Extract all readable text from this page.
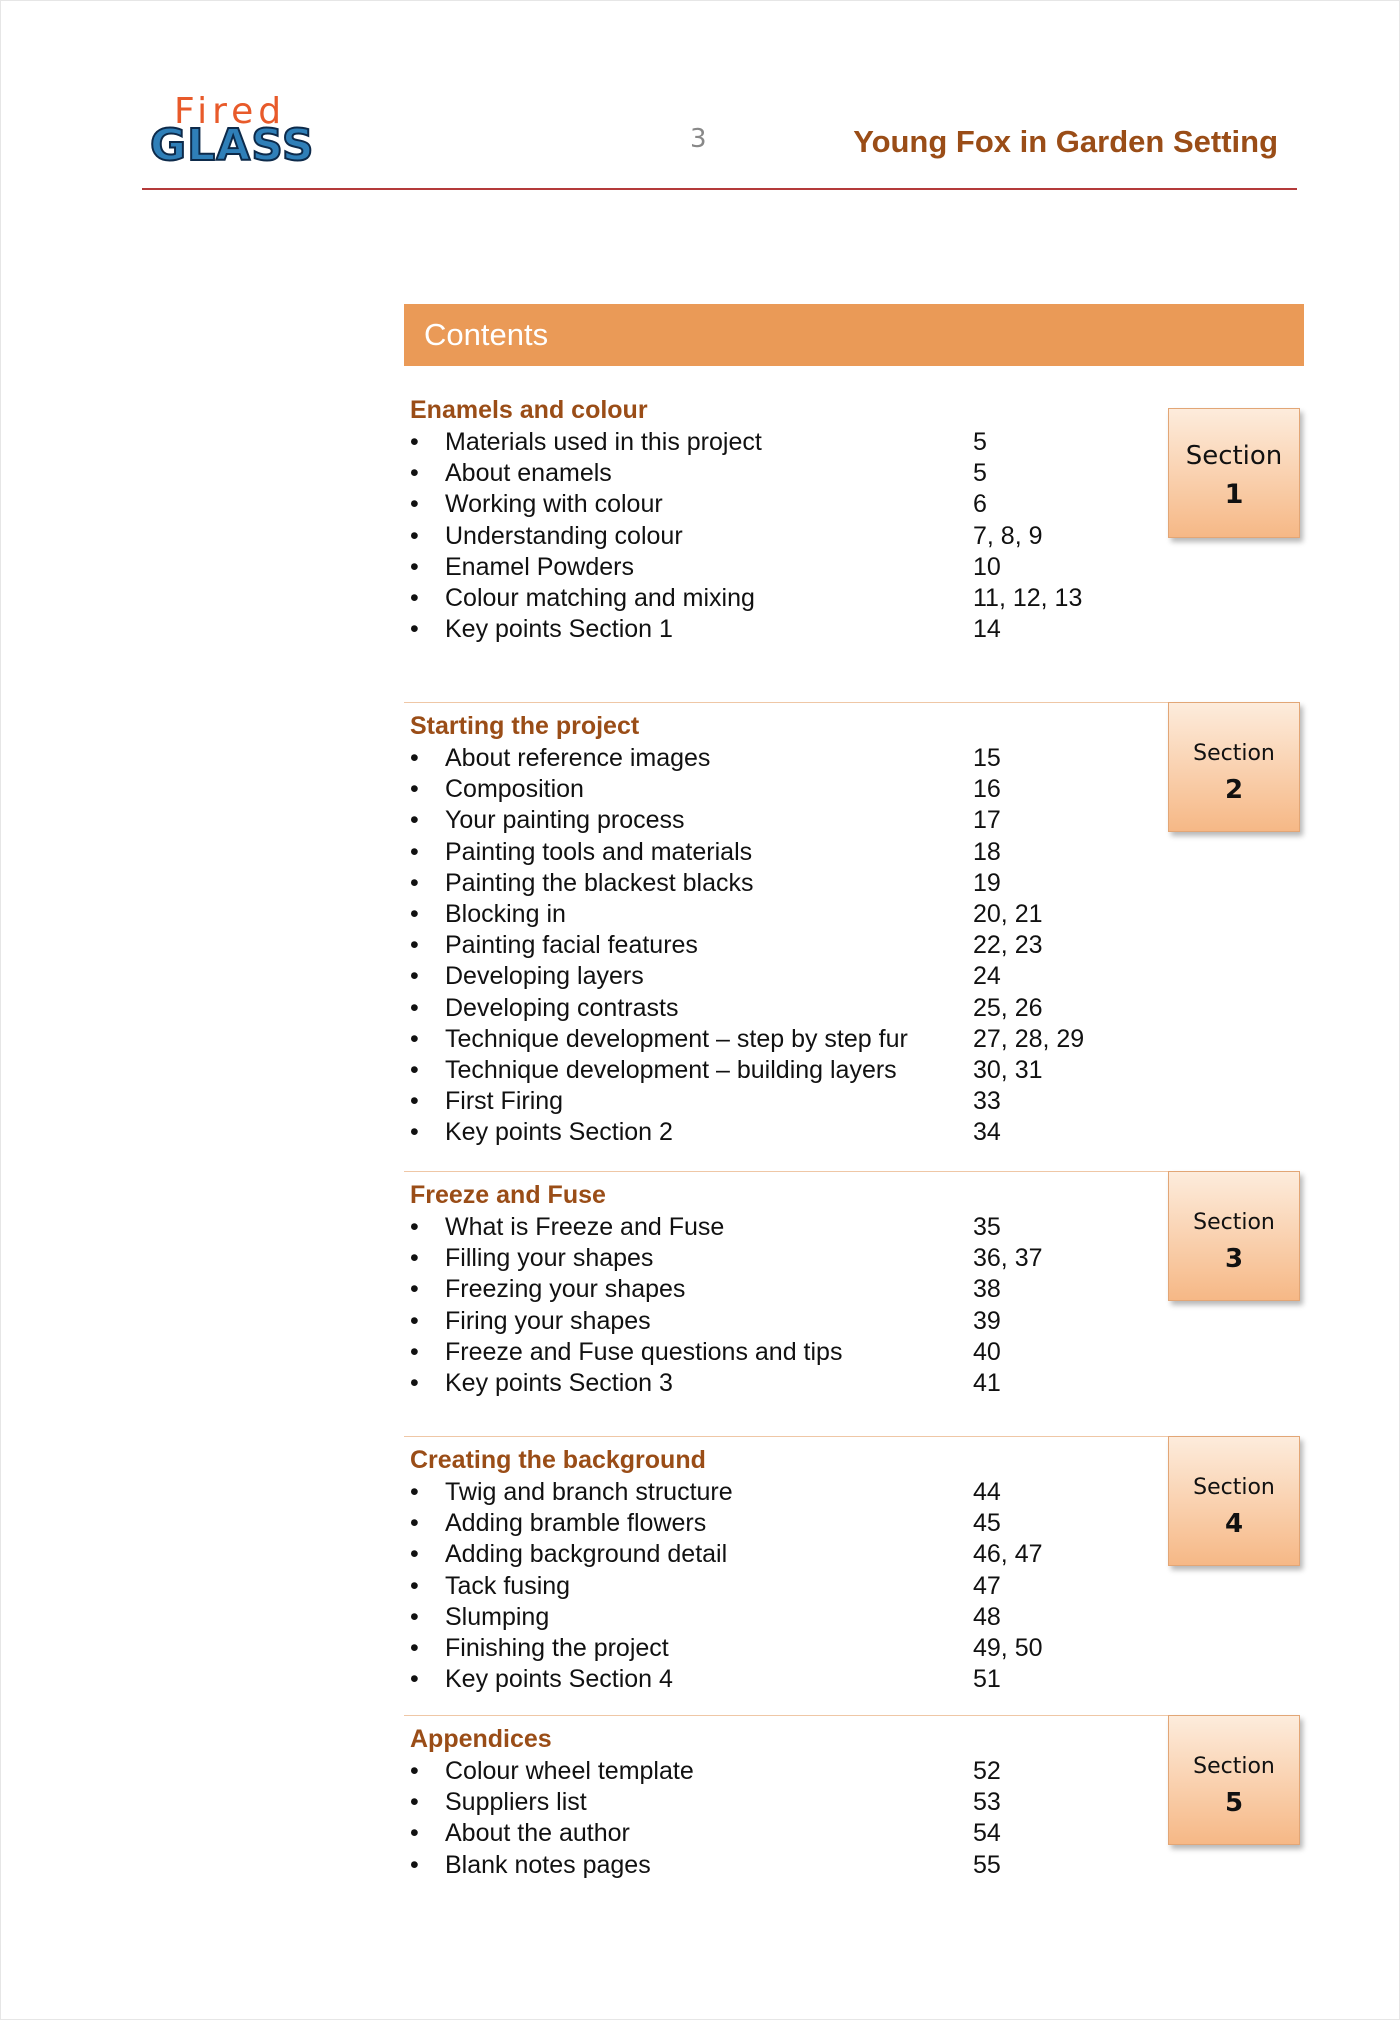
Fired
GLASS	3	Young Fox in Garden Setting
Contents
Enamels and colour
• Materials used in this project	5
• About enamels	5
• Working with colour	6
• Understanding colour	7, 8, 9
• Enamel Powders	10
• Colour matching and mixing	11, 12, 13
• Key points Section 1	14
Section
1
Starting the project
• About reference images	15
• Composition	16
• Your painting process	17
• Painting tools and materials	18
• Painting the blackest blacks	19
• Blocking in	20, 21
• Painting facial features	22, 23
• Developing layers	24
• Developing contrasts	25, 26
• Technique development – step by step fur	27, 28, 29
• Technique development – building layers	30, 31
• First Firing	33
• Key points Section 2	34
Section
2
Freeze and Fuse
• What is Freeze and Fuse	35
• Filling your shapes	36, 37
• Freezing your shapes	38
• Firing your shapes	39
• Freeze and Fuse questions and tips	40
• Key points Section 3	41
Section
3
Creating the background
• Twig and branch structure	44
• Adding bramble flowers	45
• Adding background detail	46, 47
• Tack fusing	47
• Slumping	48
• Finishing the project	49, 50
• Key points Section 4	51
Section
4
Appendices
• Colour wheel template	52
• Suppliers list	53
• About the author	54
• Blank notes pages	55
Section
5
